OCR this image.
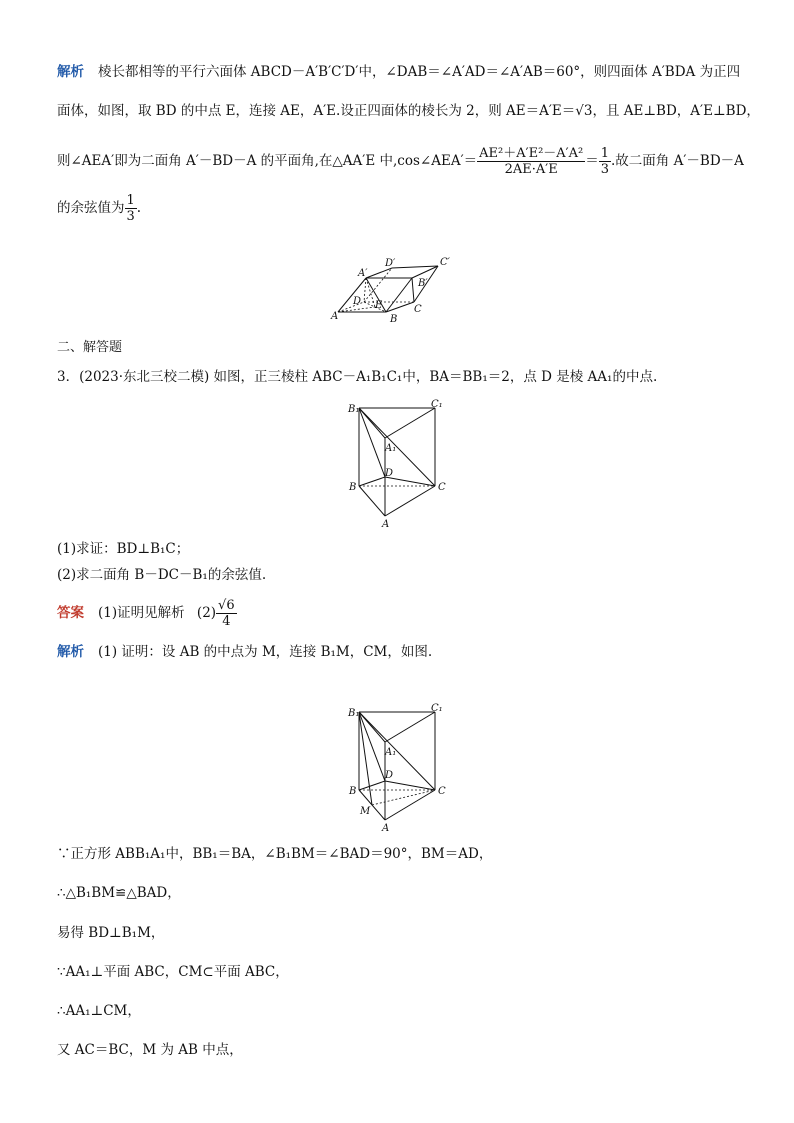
解析 棱长都相等的平行六面体 ABCD－A′B′C′D′中，∠DAB＝∠A′AD＝∠A′AB＝60°，则四面体 A′BDA 为正四
面体，如图，取 BD 的中点 E，连接 AE，A′E.设正四面体的棱长为 2，则 AE＝A′E＝√3，且 AE⊥BD，A′E⊥BD，
则∠AEA′即为二面角 A′－BD－A 的平面角,在△AA′E 中,cos∠AEA′＝ $\frac{\text{AE²＋A′E²－A′A²}}{2AE\cdot A'E} = \frac{1}{3}$ .故二面角 A′－BD－A
的余弦值为 $\frac{1}{3}$ .
A′
D′	C′
B′
D E
A	B
C
二、解答题
3．(2023·东北三校二模) 如图，正三棱柱 ABC－A₁B₁C₁中，BA＝BB₁＝2，点 D 是棱 AA₁的中点.
B₁	C₁
A₁
D
B	C
A
(1)求证：BD⊥B₁C；
(2)求二面角 B－DC－B₁的余弦值.
答案 (1)证明见解析 $(2) \frac{√6}{4}$
解析 (1) 证明：设 AB 的中点为 M，连接 B₁M，CM，如图.
B₁	C₁
A₁
D
B	C
M
A
∵正方形 ABB₁A₁中，BB₁＝BA，∠B₁BM＝∠BAD＝90°，BM＝AD，
∴△B₁BM≌△BAD，
易得 BD⊥B₁M，
∵AA₁⊥平面 ABC，CM⊂平面 ABC，
∴AA₁⊥CM，
又 AC＝BC，M 为 AB 中点，
